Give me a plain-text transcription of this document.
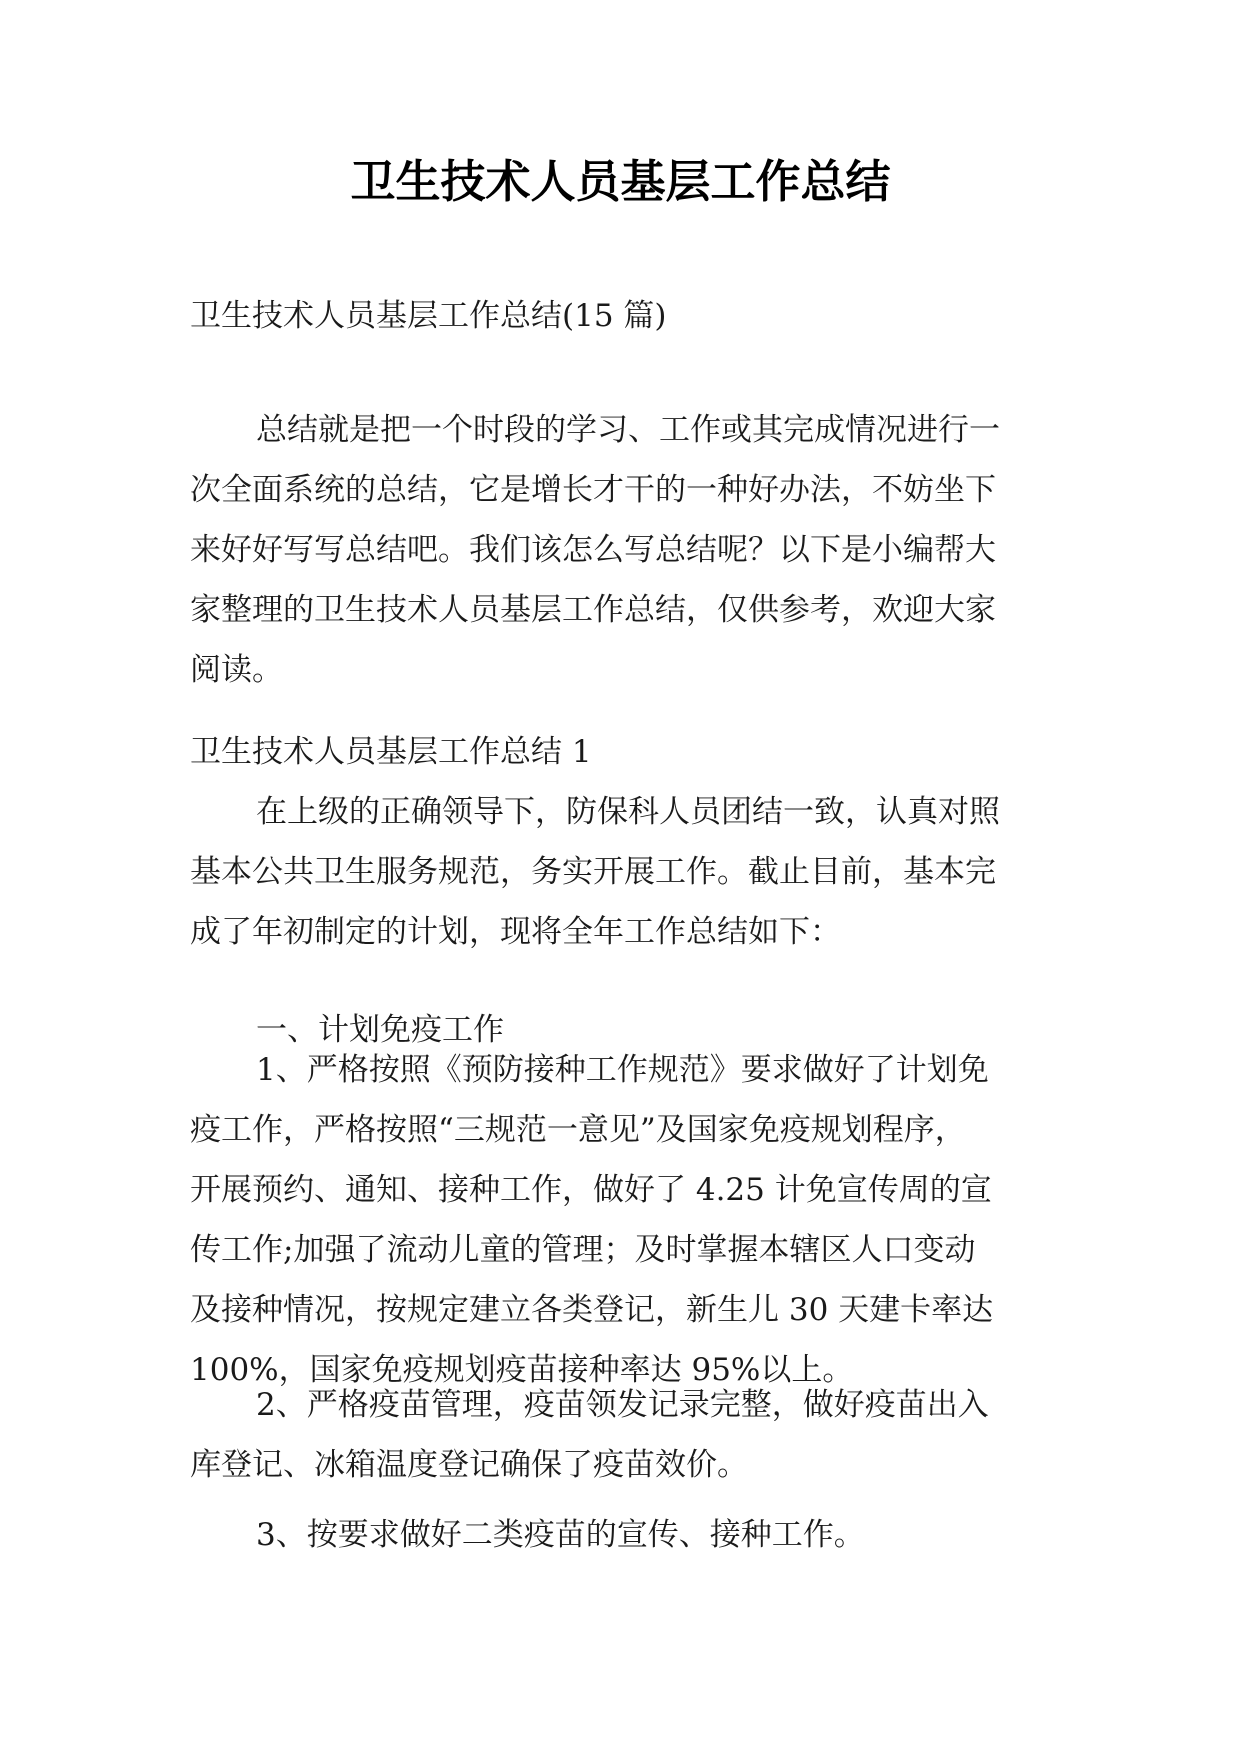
卫生技术人员基层工作总结

卫生技术人员基层工作总结(15 篇)

总结就是把一个时段的学习、工作或其完成情况进行一
次全面系统的总结，它是增长才干的一种好办法，不妨坐下
来好好写写总结吧。我们该怎么写总结呢？以下是小编帮大
家整理的卫生技术人员基层工作总结，仅供参考，欢迎大家
阅读。

卫生技术人员基层工作总结 1

在上级的正确领导下，防保科人员团结一致，认真对照
基本公共卫生服务规范，务实开展工作。截止目前，基本完
成了年初制定的计划，现将全年工作总结如下：

一、计划免疫工作

1、严格按照《预防接种工作规范》要求做好了计划免
疫工作，严格按照“三规范一意见”及国家免疫规划程序，
开展预约、通知、接种工作，做好了 4.25 计免宣传周的宣
传工作;加强了流动儿童的管理；及时掌握本辖区人口变动
及接种情况，按规定建立各类登记，新生儿 30 天建卡率达
100%，国家免疫规划疫苗接种率达 95%以上。
2、严格疫苗管理，疫苗领发记录完整，做好疫苗出入
库登记、冰箱温度登记确保了疫苗效价。
3、按要求做好二类疫苗的宣传、接种工作。
